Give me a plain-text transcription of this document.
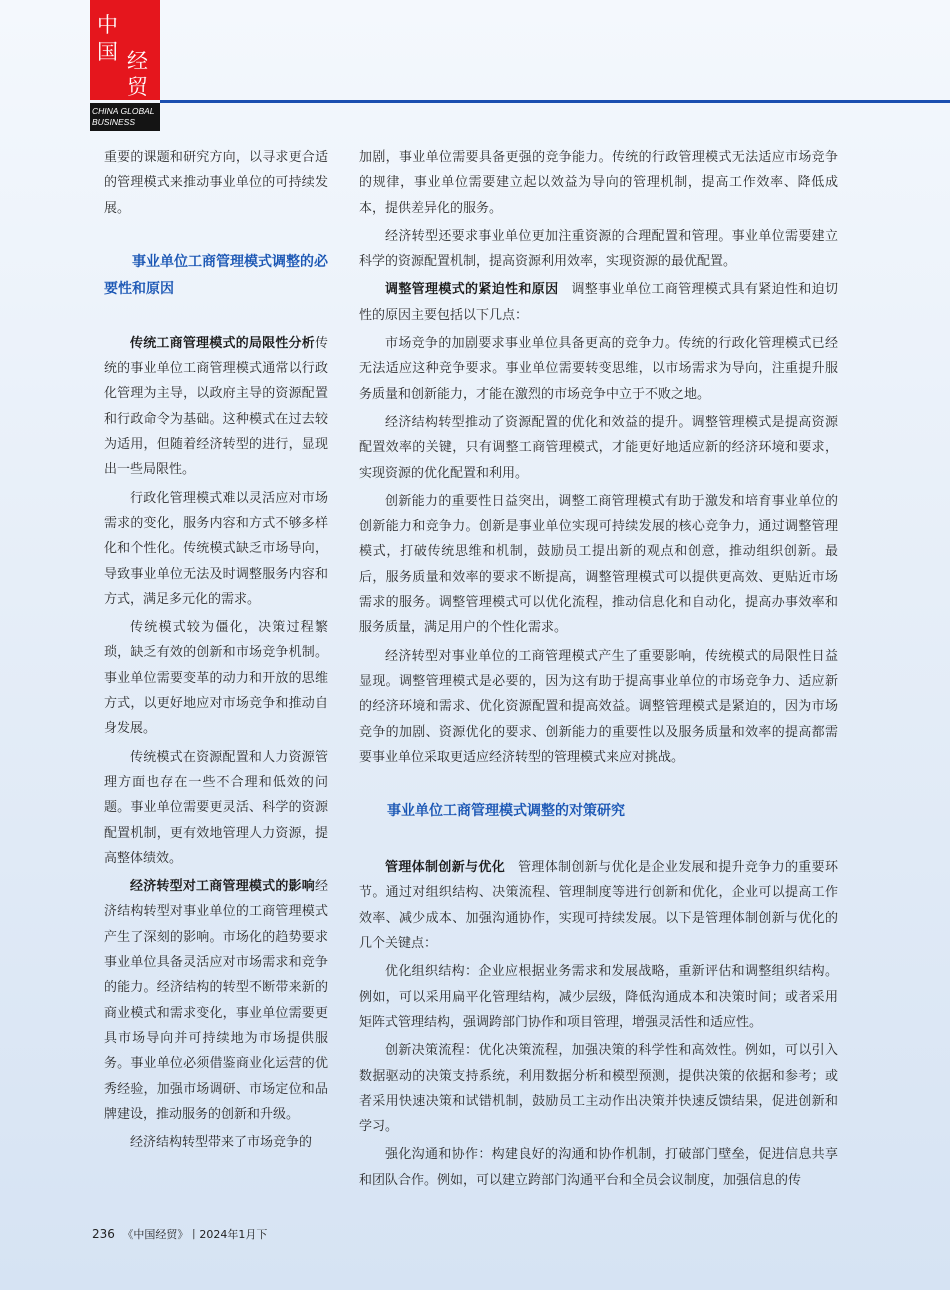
中
国 经
贸
CHINA GLOBAL
BUSINESS

重要的课题和研究方向，以寻求更合适的管理模式来推动事业单位的可持续发展。

事业单位工商管理模式调整的必要性和原因

传统工商管理模式的局限性分析传统的事业单位工商管理模式通常以行政化管理为主导，以政府主导的资源配置和行政命令为基础。这种模式在过去较为适用，但随着经济转型的进行，显现出一些局限性。

行政化管理模式难以灵活应对市场需求的变化，服务内容和方式不够多样化和个性化。传统模式缺乏市场导向，导致事业单位无法及时调整服务内容和方式，满足多元化的需求。

传统模式较为僵化，决策过程繁琐，缺乏有效的创新和市场竞争机制。事业单位需要变革的动力和开放的思维方式，以更好地应对市场竞争和推动自身发展。

传统模式在资源配置和人力资源管理方面也存在一些不合理和低效的问题。事业单位需要更灵活、科学的资源配置机制，更有效地管理人力资源，提高整体绩效。

经济转型对工商管理模式的影响经济结构转型对事业单位的工商管理模式产生了深刻的影响。市场化的趋势要求事业单位具备灵活应对市场需求和竞争的能力。经济结构的转型不断带来新的商业模式和需求变化，事业单位需要更具市场导向并可持续地为市场提供服务。事业单位必须借鉴商业化运营的优秀经验，加强市场调研、市场定位和品牌建设，推动服务的创新和升级。

经济结构转型带来了市场竞争的

加剧，事业单位需要具备更强的竞争能力。传统的行政管理模式无法适应市场竞争的规律，事业单位需要建立起以效益为导向的管理机制，提高工作效率、降低成本，提供差异化的服务。

经济转型还要求事业单位更加注重资源的合理配置和管理。事业单位需要建立科学的资源配置机制，提高资源利用效率，实现资源的最优配置。

调整管理模式的紧迫性和原因 调整事业单位工商管理模式具有紧迫性和迫切性的原因主要包括以下几点：

市场竞争的加剧要求事业单位具备更高的竞争力。传统的行政化管理模式已经无法适应这种竞争要求。事业单位需要转变思维，以市场需求为导向，注重提升服务质量和创新能力，才能在激烈的市场竞争中立于不败之地。

经济结构转型推动了资源配置的优化和效益的提升。调整管理模式是提高资源配置效率的关键，只有调整工商管理模式，才能更好地适应新的经济环境和要求，实现资源的优化配置和利用。

创新能力的重要性日益突出，调整工商管理模式有助于激发和培育事业单位的创新能力和竞争力。创新是事业单位实现可持续发展的核心竞争力，通过调整管理模式，打破传统思维和机制，鼓励员工提出新的观点和创意，推动组织创新。最后，服务质量和效率的要求不断提高，调整管理模式可以提供更高效、更贴近市场需求的服务。调整管理模式可以优化流程，推动信息化和自动化，提高办事效率和服务质量，满足用户的个性化需求。

经济转型对事业单位的工商管理模式产生了重要影响，传统模式的局限性日益显现。调整管理模式是必要的，因为这有助于提高事业单位的市场竞争力、适应新的经济环境和需求、优化资源配置和提高效益。调整管理模式是紧迫的，因为市场竞争的加剧、资源优化的要求、创新能力的重要性以及服务质量和效率的提高都需要事业单位采取更适应经济转型的管理模式来应对挑战。

事业单位工商管理模式调整的对策研究

管理体制创新与优化 管理体制创新与优化是企业发展和提升竞争力的重要环节。通过对组织结构、决策流程、管理制度等进行创新和优化，企业可以提高工作效率、减少成本、加强沟通协作，实现可持续发展。以下是管理体制创新与优化的几个关键点：

优化组织结构：企业应根据业务需求和发展战略，重新评估和调整组织结构。例如，可以采用扁平化管理结构，减少层级，降低沟通成本和决策时间；或者采用矩阵式管理结构，强调跨部门协作和项目管理，增强灵活性和适应性。

创新决策流程：优化决策流程，加强决策的科学性和高效性。例如，可以引入数据驱动的决策支持系统，利用数据分析和模型预测，提供决策的依据和参考；或者采用快速决策和试错机制，鼓励员工主动作出决策并快速反馈结果，促进创新和学习。

强化沟通和协作：构建良好的沟通和协作机制，打破部门壁垒，促进信息共享和团队合作。例如，可以建立跨部门沟通平台和全员会议制度，加强信息的传

236 《中国经贸》丨2024年1月下
